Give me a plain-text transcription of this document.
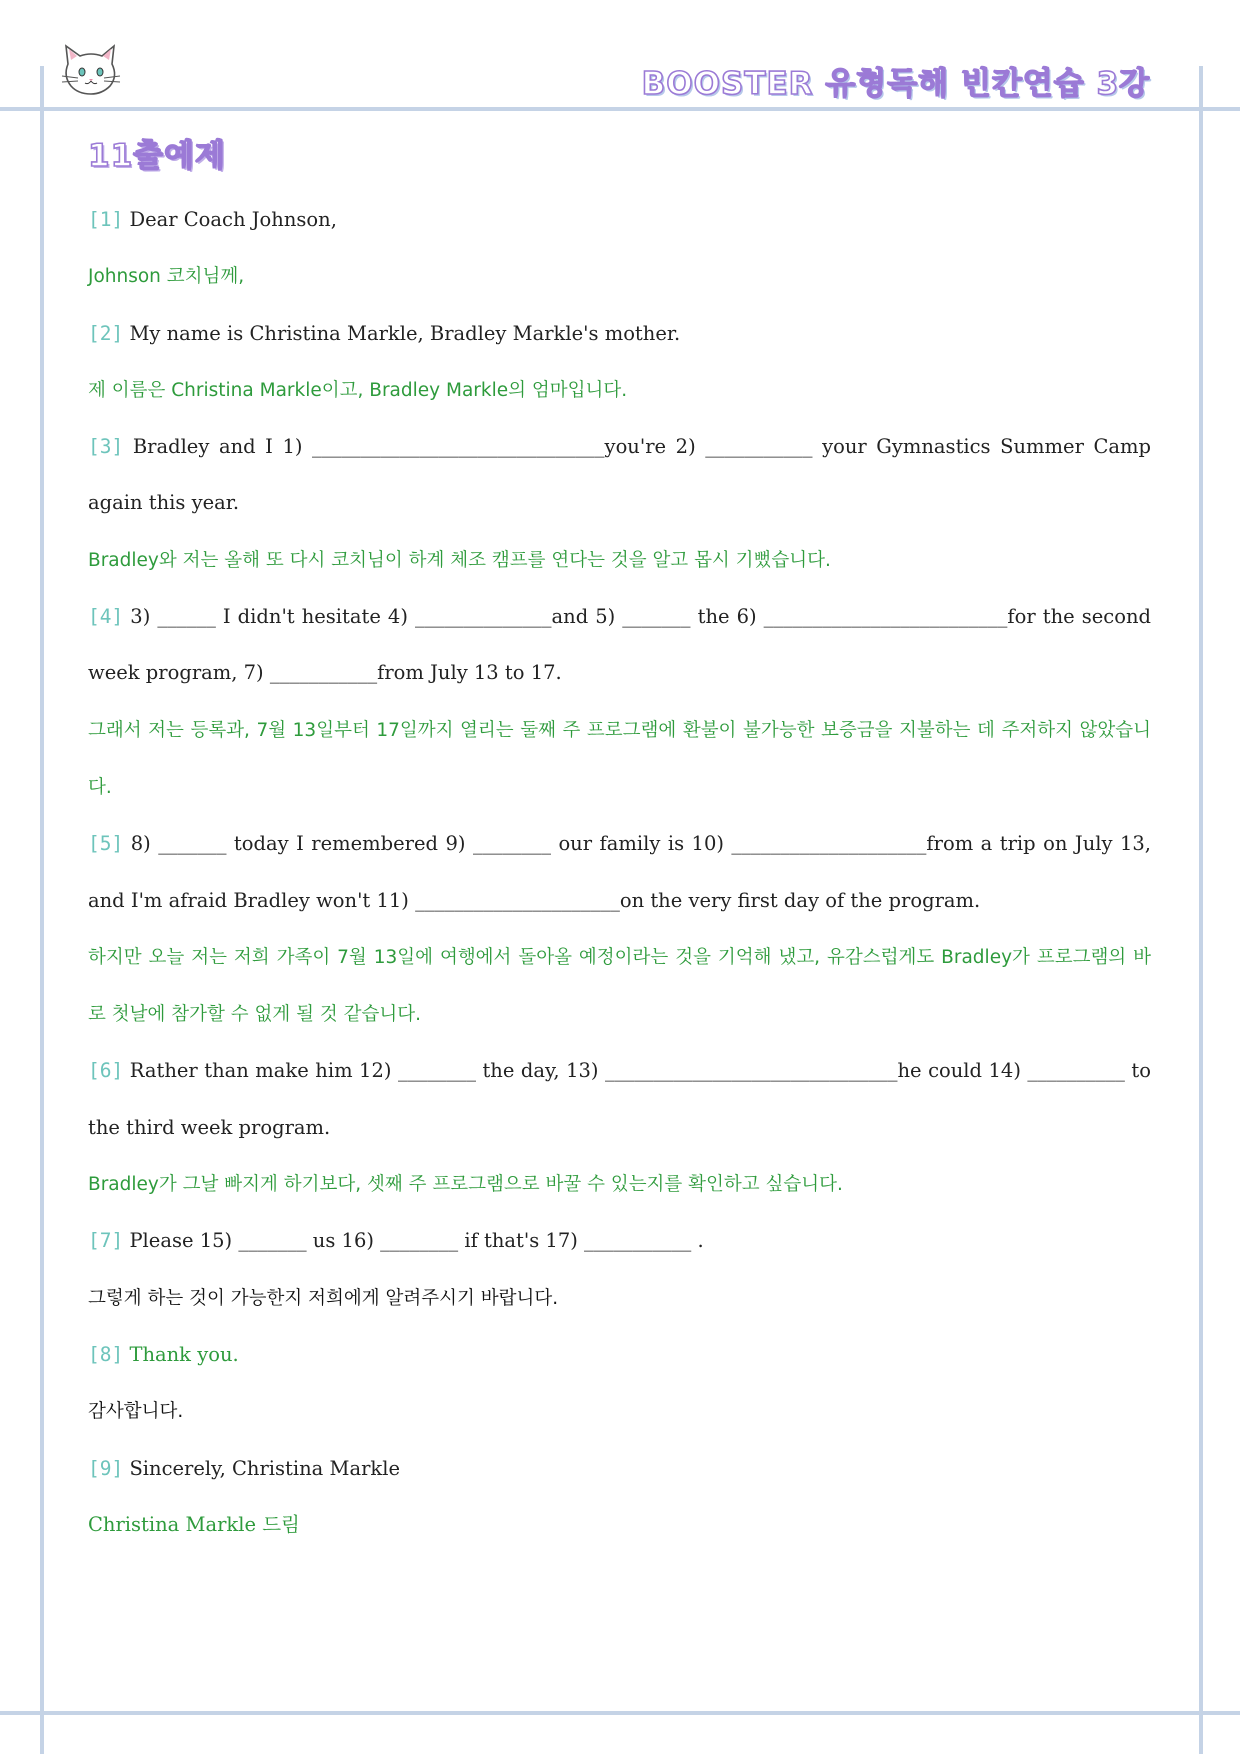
BOOSTER 유형독해 빈칸연습 3강
11출예제

[1] Dear Coach Johnson,

Johnson 코치님께,

[2] My name is Christina Markle, Bradley Markle's mother.

제 이름은 Christina Markle이고, Bradley Markle의 엄마입니다.

[3] Bradley and I 1) ______________________________you're 2) ___________ your Gymnastics Summer Camp again this year.

Bradley와 저는 올해 또 다시 코치님이 하계 체조 캠프를 연다는 것을 알고 몹시 기뻤습니다.

[4] 3) ______ I didn't hesitate 4) ______________and 5) _______ the 6) _________________________for the second week program, 7) ___________from July 13 to 17.

그래서 저는 등록과, 7월 13일부터 17일까지 열리는 둘째 주 프로그램에 환불이 불가능한 보증금을 지불하는 데 주저하지 않았습니다.

[5] 8) _______ today I remembered 9) ________ our family is 10) ____________________from a trip on July 13, and I'm afraid Bradley won't 11) _____________________on the very first day of the program.

하지만 오늘 저는 저희 가족이 7월 13일에 여행에서 돌아올 예정이라는 것을 기억해 냈고, 유감스럽게도 Bradley가 프로그램의 바로 첫날에 참가할 수 없게 될 것 같습니다.

[6] Rather than make him 12) ________ the day, 13) ______________________________he could 14) __________ to the third week program.

Bradley가 그날 빠지게 하기보다, 셋째 주 프로그램으로 바꿀 수 있는지를 확인하고 싶습니다.

[7] Please 15) _______ us 16) ________ if that's 17) ___________ .

그렇게 하는 것이 가능한지 저희에게 알려주시기 바랍니다.

[8] Thank you.

감사합니다.

[9] Sincerely, Christina Markle

Christina Markle 드림
